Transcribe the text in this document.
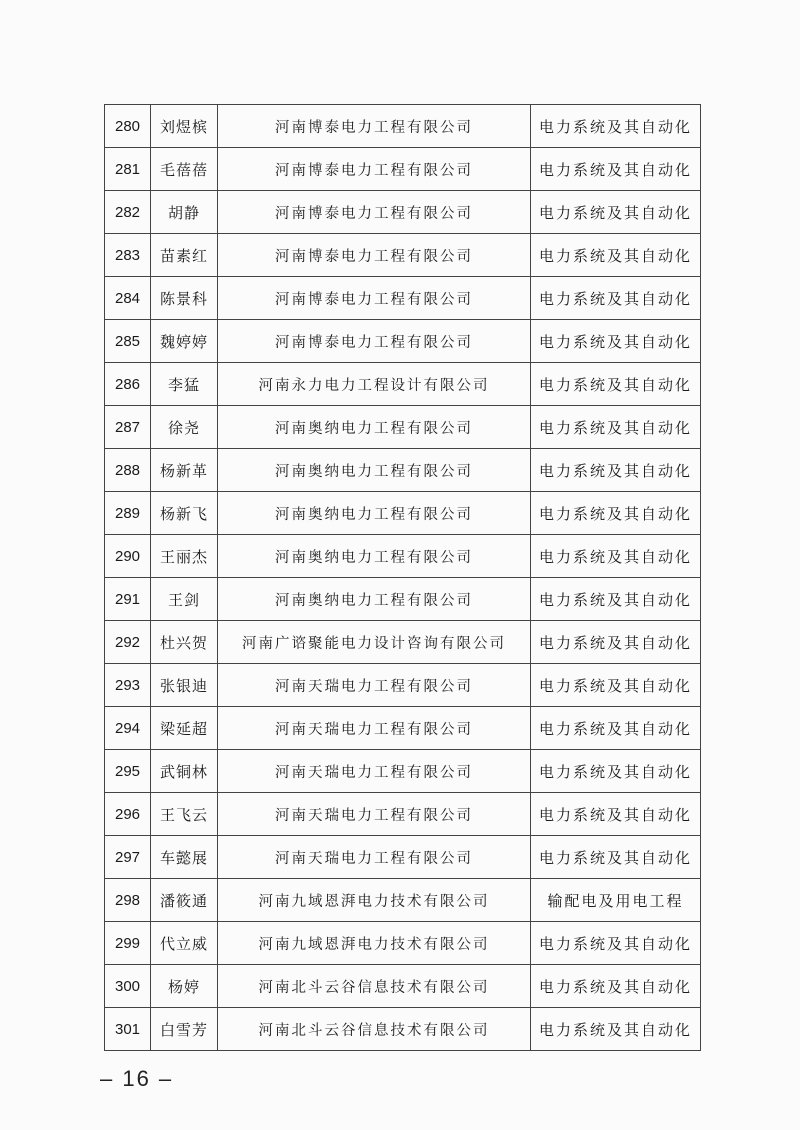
280	刘煜槟	河南博泰电力工程有限公司	电力系统及其自动化
281	毛蓓蓓	河南博泰电力工程有限公司	电力系统及其自动化
282	胡静	河南博泰电力工程有限公司	电力系统及其自动化
283	苗素红	河南博泰电力工程有限公司	电力系统及其自动化
284	陈景科	河南博泰电力工程有限公司	电力系统及其自动化
285	魏婷婷	河南博泰电力工程有限公司	电力系统及其自动化
286	李猛	河南永力电力工程设计有限公司	电力系统及其自动化
287	徐尧	河南奥纳电力工程有限公司	电力系统及其自动化
288	杨新革	河南奥纳电力工程有限公司	电力系统及其自动化
289	杨新飞	河南奥纳电力工程有限公司	电力系统及其自动化
290	王丽杰	河南奥纳电力工程有限公司	电力系统及其自动化
291	王剑	河南奥纳电力工程有限公司	电力系统及其自动化
292	杜兴贺	河南广谘聚能电力设计咨询有限公司	电力系统及其自动化
293	张银迪	河南天瑞电力工程有限公司	电力系统及其自动化
294	梁延超	河南天瑞电力工程有限公司	电力系统及其自动化
295	武铜林	河南天瑞电力工程有限公司	电力系统及其自动化
296	王飞云	河南天瑞电力工程有限公司	电力系统及其自动化
297	车懿展	河南天瑞电力工程有限公司	电力系统及其自动化
298	潘筱通	河南九域恩湃电力技术有限公司	输配电及用电工程
299	代立威	河南九域恩湃电力技术有限公司	电力系统及其自动化
300	杨婷	河南北斗云谷信息技术有限公司	电力系统及其自动化
301	白雪芳	河南北斗云谷信息技术有限公司	电力系统及其自动化
– 16 –
